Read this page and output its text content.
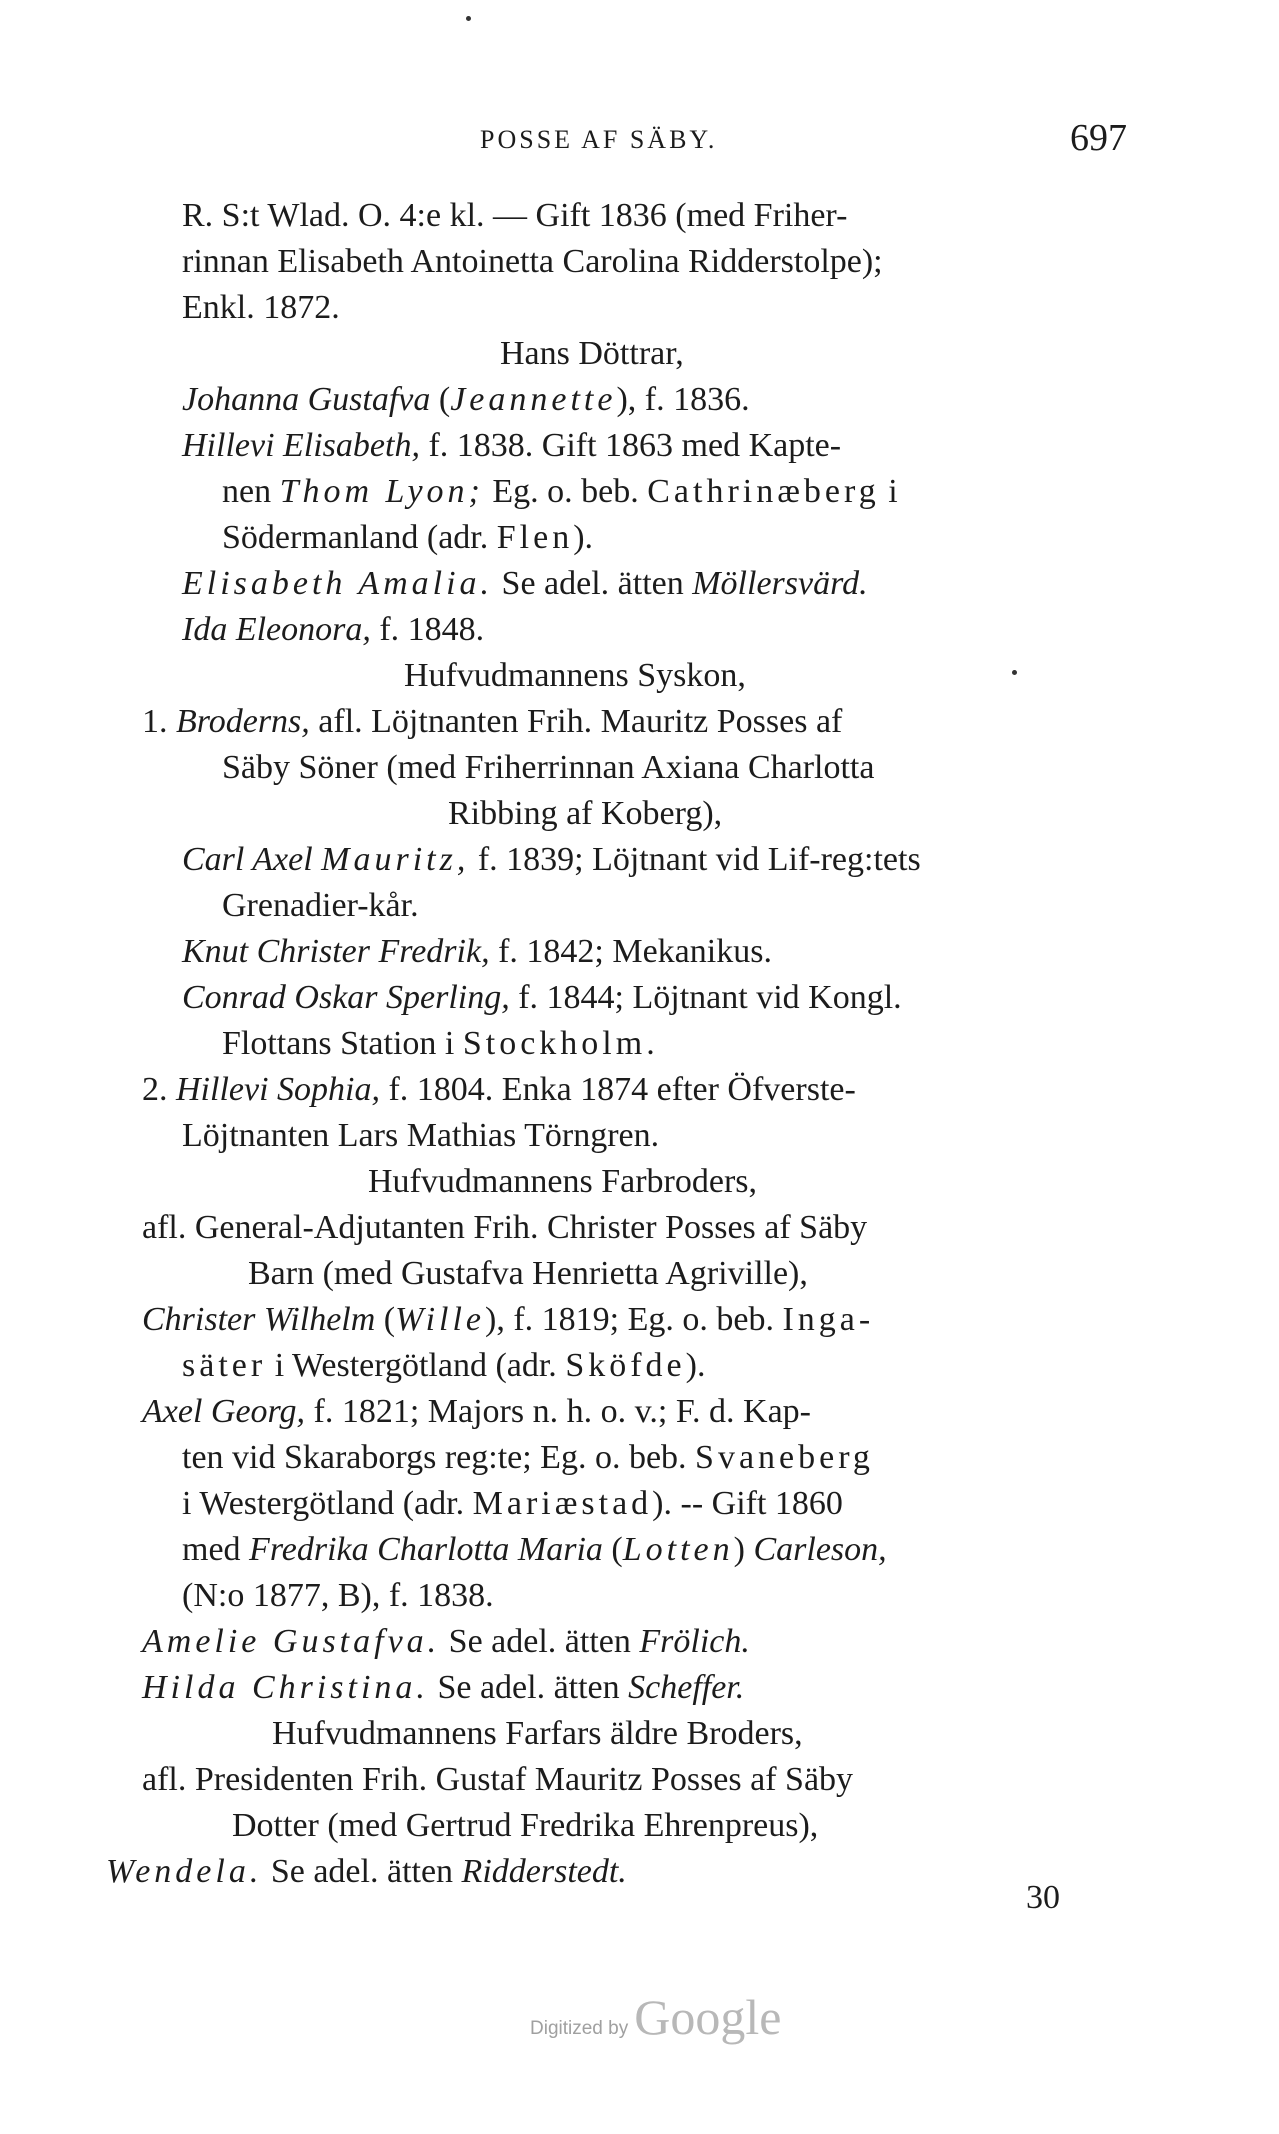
POSSE AF SÄBY.	697
R. S:t Wlad. O. 4:e kl. — Gift 1836 (med Friher-
rinnan Elisabeth Antoinetta Carolina Ridderstolpe);
Enkl. 1872.
Hans Döttrar,
Johanna Gustafva (Jeannette), f. 1836.
Hillevi Elisabeth, f. 1838. Gift 1863 med Kapte-
nen Thom Lyon; Eg. o. beb. Cathrinæberg i
Södermanland (adr. Flen).
Elisabeth Amalia. Se adel. ätten Möllersvärd.
Ida Eleonora, f. 1848.
Hufvudmannens Syskon,
1. Broderns, afl. Löjtnanten Frih. Mauritz Posses af
Säby Söner (med Friherrinnan Axiana Charlotta
Ribbing af Koberg),
Carl Axel Mauritz, f. 1839; Löjtnant vid Lif-reg:tets
Grenadier-kår.
Knut Christer Fredrik, f. 1842; Mekanikus.
Conrad Oskar Sperling, f. 1844; Löjtnant vid Kongl.
Flottans Station i Stockholm.
2. Hillevi Sophia, f. 1804. Enka 1874 efter Öfverste-
Löjtnanten Lars Mathias Törngren.
Hufvudmannens Farbroders,
afl. General-Adjutanten Frih. Christer Posses af Säby
Barn (med Gustafva Henrietta Agriville),
Christer Wilhelm (Wille), f. 1819; Eg. o. beb. Inga-
säter i Westergötland (adr. Sköfde).
Axel Georg, f. 1821; Majors n. h. o. v.; F. d. Kap-
ten vid Skaraborgs reg:te; Eg. o. beb. Svaneberg
i Westergötland (adr. Mariæstad). -- Gift 1860
med Fredrika Charlotta Maria (Lotten) Carleson,
(N:o 1877, B), f. 1838.
Amelie Gustafva. Se adel. ätten Frölich.
Hilda Christina. Se adel. ätten Scheffer.
Hufvudmannens Farfars äldre Broders,
afl. Presidenten Frih. Gustaf Mauritz Posses af Säby
Dotter (med Gertrud Fredrika Ehrenpreus),
Wendela. Se adel. ätten Ridderstedt.
30
Digitized by Google
